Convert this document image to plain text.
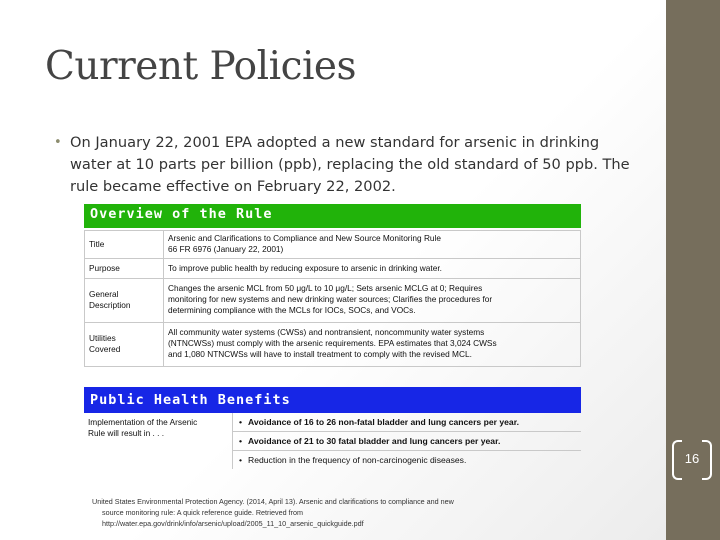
Current Policies
• On January 22, 2001 EPA adopted a new standard for arsenic in drinking water at 10 parts per billion (ppb), replacing the old standard of 50 ppb. The rule became effective on February 22, 2002.
Overview of the Rule
Title	Arsenic and Clarifications to Compliance and New Source Monitoring Rule
66 FR 6976 (January 22, 2001)

Purpose	To improve public health by reducing exposure to arsenic in drinking water.

General
Description	Changes the arsenic MCL from 50 μg/L to 10 μg/L; Sets arsenic MCLG at 0; Requires
monitoring for new systems and new drinking water sources; Clarifies the procedures for
determining compliance with the MCLs for IOCs, SOCs, and VOCs.

Utilities
Covered	All community water systems (CWSs) and nontransient, noncommunity water systems
(NTNCWSs) must comply with the arsenic requirements. EPA estimates that 3,024 CWSs
and 1,080 NTNCWSs will have to install treatment to comply with the revised MCL.
Public Health Benefits
Implementation of the Arsenic
Rule will result in . . .

• Avoidance of 16 to 26 non-fatal bladder and lung cancers per year.
• Avoidance of 21 to 30 fatal bladder and lung cancers per year.
• Reduction in the frequency of non-carcinogenic diseases.
United States Environmental Protection Agency. (2014, April 13). Arsenic and clarifications to compliance and new
source monitoring rule: A quick reference guide. Retrieved from
http://water.epa.gov/drink/info/arsenic/upload/2005_11_10_arsenic_quickguide.pdf
16
